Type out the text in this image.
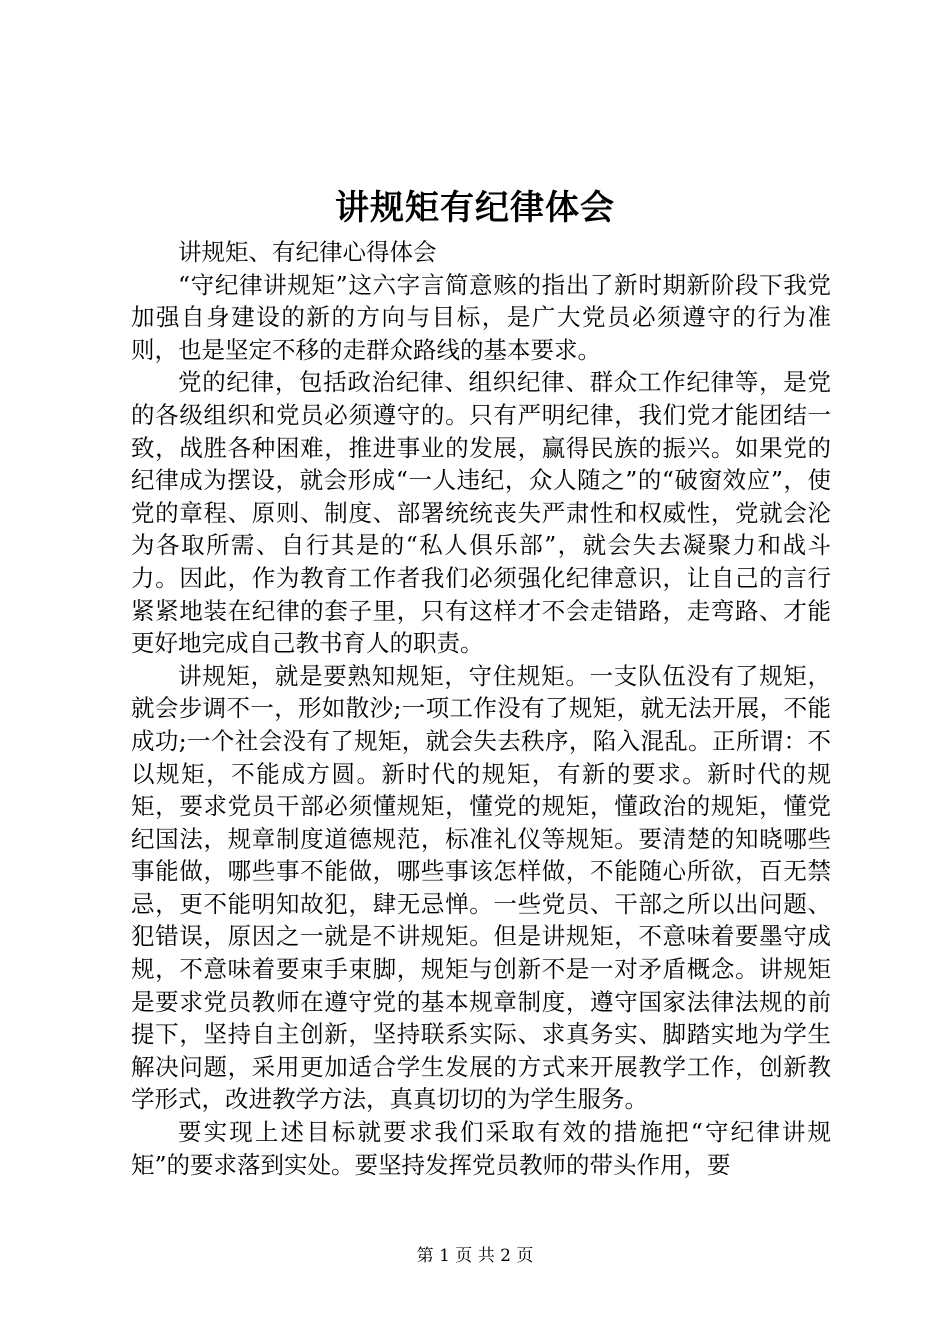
讲规矩有纪律体会

讲规矩、有纪律心得体会

“守纪律讲规矩”这六字言简意赅的指出了新时期新阶段下我党加强自身建设的新的方向与目标，是广大党员必须遵守的行为准则，也是坚定不移的走群众路线的基本要求。

党的纪律，包括政治纪律、组织纪律、群众工作纪律等，是党的各级组织和党员必须遵守的。只有严明纪律，我们党才能团结一致，战胜各种困难，推进事业的发展，赢得民族的振兴。如果党的纪律成为摆设，就会形成“一人违纪，众人随之”的“破窗效应”，使党的章程、原则、制度、部署统统丧失严肃性和权威性，党就会沦为各取所需、自行其是的“私人俱乐部”，就会失去凝聚力和战斗力。因此，作为教育工作者我们必须强化纪律意识，让自己的言行紧紧地装在纪律的套子里，只有这样才不会走错路，走弯路、才能更好地完成自己教书育人的职责。

讲规矩，就是要熟知规矩，守住规矩。一支队伍没有了规矩，就会步调不一，形如散沙;一项工作没有了规矩，就无法开展，不能成功;一个社会没有了规矩，就会失去秩序，陷入混乱。正所谓：不以规矩，不能成方圆。新时代的规矩，有新的要求。新时代的规矩，要求党员干部必须懂规矩，懂党的规矩，懂政治的规矩，懂党纪国法，规章制度道德规范，标准礼仪等规矩。要清楚的知晓哪些事能做，哪些事不能做，哪些事该怎样做，不能随心所欲，百无禁忌，更不能明知故犯，肆无忌惮。一些党员、干部之所以出问题、犯错误，原因之一就是不讲规矩。但是讲规矩，不意味着要墨守成规，不意味着要束手束脚，规矩与创新不是一对矛盾概念。讲规矩是要求党员教师在遵守党的基本规章制度，遵守国家法律法规的前提下，坚持自主创新，坚持联系实际、求真务实、脚踏实地为学生解决问题，采用更加适合学生发展的方式来开展教学工作，创新教学形式，改进教学方法，真真切切的为学生服务。

要实现上述目标就要求我们采取有效的措施把“守纪律讲规矩”的要求落到实处。要坚持发挥党员教师的带头作用，要

第 1 页 共 2 页
